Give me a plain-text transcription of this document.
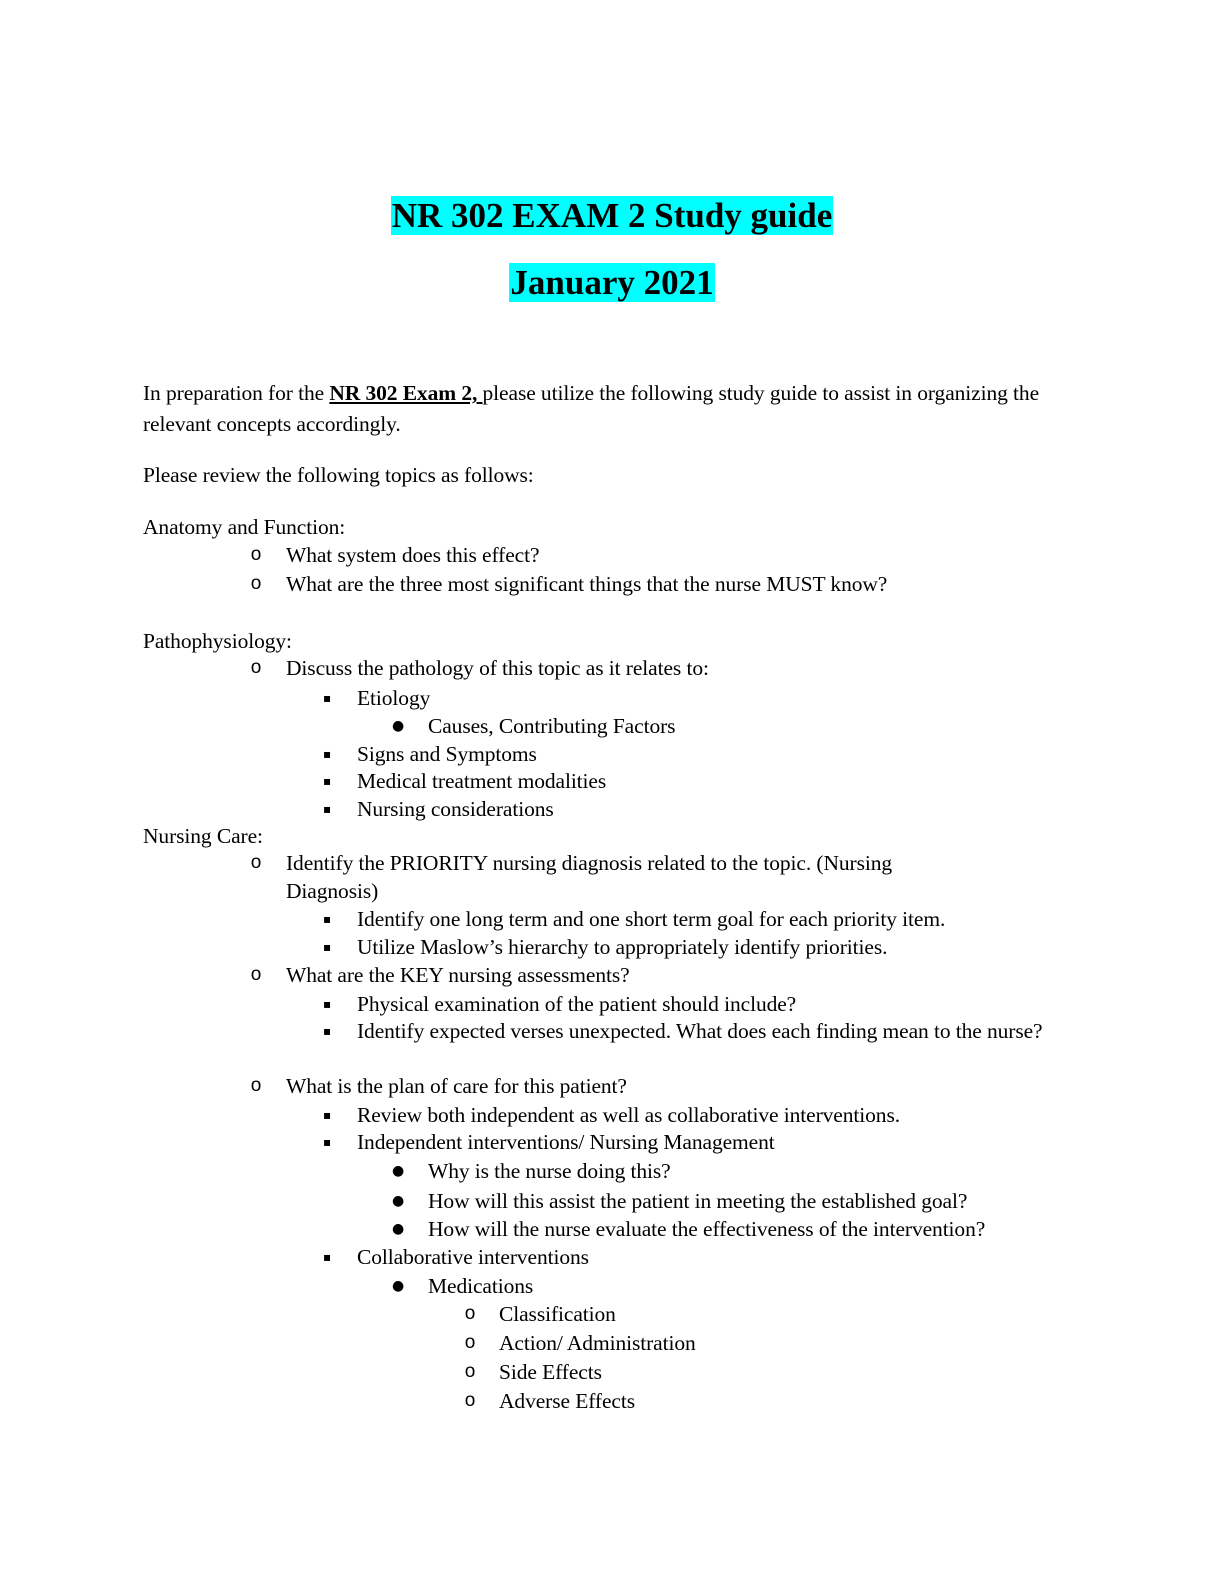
NR 302 EXAM 2 Study guide
January 2021
In preparation for the NR 302 Exam 2, please utilize the following study guide to assist in organizing the relevant concepts accordingly.
Please review the following topics as follows:
Anatomy and Function:
o What system does this effect?
o What are the three most significant things that the nurse MUST know?
Pathophysiology:
o Discuss the pathology of this topic as it relates to:
▪ Etiology
● Causes, Contributing Factors
▪ Signs and Symptoms
▪ Medical treatment modalities
▪ Nursing considerations
Nursing Care:
o Identify the PRIORITY nursing diagnosis related to the topic. (Nursing Diagnosis)
▪ Identify one long term and one short term goal for each priority item.
▪ Utilize Maslow’s hierarchy to appropriately identify priorities.
o What are the KEY nursing assessments?
▪ Physical examination of the patient should include?
▪ Identify expected verses unexpected. What does each finding mean to the nurse?
o What is the plan of care for this patient?
▪ Review both independent as well as collaborative interventions.
▪ Independent interventions/ Nursing Management
● Why is the nurse doing this?
● How will this assist the patient in meeting the established goal?
● How will the nurse evaluate the effectiveness of the intervention?
▪ Collaborative interventions
● Medications
o Classification
o Action/ Administration
o Side Effects
o Adverse Effects
